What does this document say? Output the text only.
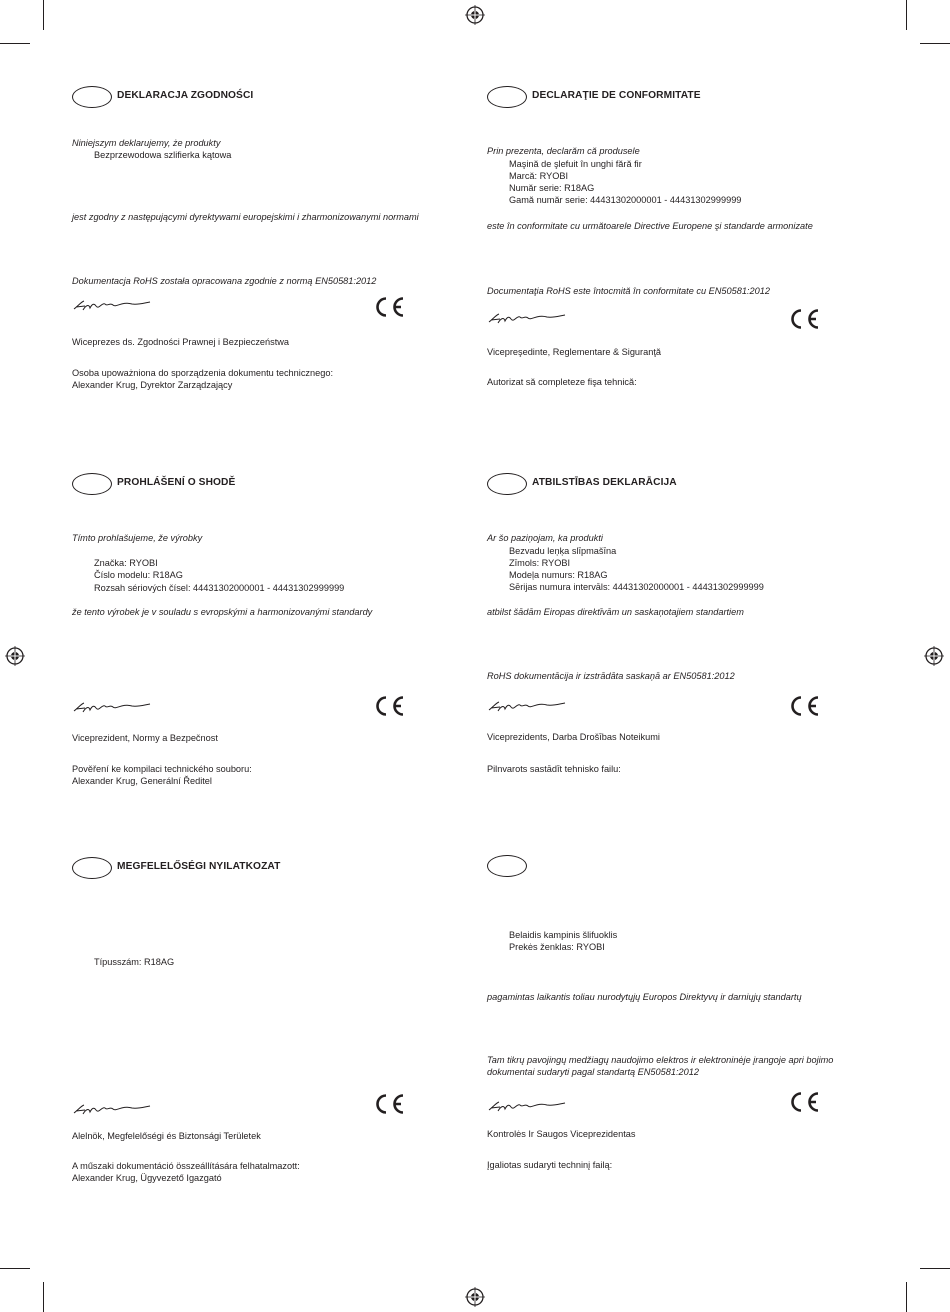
DEKLARACJA ZGODNOŚCI
Niniejszym deklarujemy, że produkty
Bezprzewodowa szlifierka kątowa
jest zgodny z następującymi dyrektywami europejskimi i zharmonizowanymi normami
Dokumentacja RoHS została opracowana zgodnie z normą EN50581:2012
Wiceprezes ds. Zgodności Prawnej i Bezpieczeństwa
Osoba upoważniona do sporządzenia dokumentu technicznego:
Alexander Krug, Dyrektor Zarządzający
DECLARAŢIE DE CONFORMITATE
Prin prezenta, declarăm că produsele
Maşină de şlefuit în unghi fără fir
Marcă: RYOBI
Număr serie: R18AG
Gamă număr serie: 44431302000001 - 44431302999999
este în conformitate cu următoarele Directive Europene şi standarde armonizate
Documentaţia RoHS este întocmită în conformitate cu EN50581:2012
Vicepreşedinte, Reglementare & Siguranţă
Autorizat să completeze fişa tehnică:
PROHLÁŠENÍ O SHODĚ
Tímto prohlašujeme, že výrobky
Značka: RYOBI
Číslo modelu: R18AG
Rozsah sériových čísel: 44431302000001 - 44431302999999
že tento výrobek je v souladu s evropskými a harmonizovanými standardy
Viceprezident, Normy a Bezpečnost
Pověření ke kompilaci technického souboru:
Alexander Krug, Generální Ředitel
ATBILSTĪBAS DEKLARĀCIJA
Ar šo paziņojam, ka produkti
Bezvadu leņķa slīpmašīna
Zīmols: RYOBI
Modeļa numurs: R18AG
Sērijas numura intervāls: 44431302000001 - 44431302999999
atbilst šādām Eiropas direktīvām un saskaņotajiem standartiem
RoHS dokumentācija ir izstrādāta saskaņā ar EN50581:2012
Viceprezidents, Darba Drošības Noteikumi
Pilnvarots sastādīt tehnisko failu:
MEGFELELŐSÉGI NYILATKOZAT
Típusszám: R18AG
Alelnök, Megfelelőségi és Biztonsági Területek
A műszaki dokumentáció összeállítására felhatalmazott:
Alexander Krug, Ügyvezető Igazgató
Belaidis kampinis šlifuoklis
Prekės ženklas: RYOBI
pagamintas laikantis toliau nurodytųjų Europos Direktyvų ir darniųjų standartų
Tam tikrų pavojingų medžiagų naudojimo elektros ir elektroninėje įrangoje apri bojimo
dokumentai sudaryti pagal standartą EN50581:2012
Kontrolės Ir Saugos Viceprezidentas
Įgaliotas sudaryti techninį failą:
